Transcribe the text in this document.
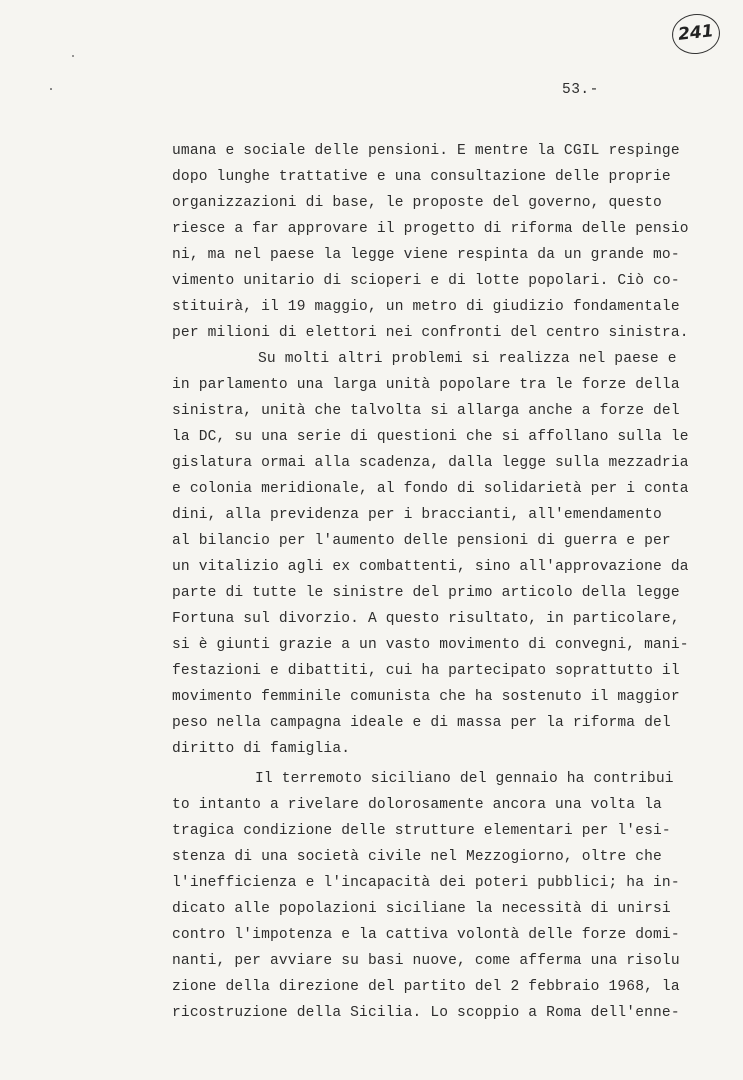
241
53.-
umana e sociale delle pensioni. E mentre la CGIL respinge
dopo lunghe trattative e una consultazione delle proprie
organizzazioni di base, le proposte del governo, questo
riesce a far approvare il progetto di riforma delle pensio
ni, ma nel paese la legge viene respinta da un grande mo-
vimento unitario di scioperi e di lotte popolari. Ciò co-
stituirà, il 19 maggio, un metro di giudizio fondamentale
per milioni di elettori nei confronti del centro sinistra.
Su molti altri problemi si realizza nel paese e
in parlamento una larga unità popolare tra le forze della
sinistra, unità che talvolta si allarga anche a forze del
la DC, su una serie di questioni che si affollano sulla le
gislatura ormai alla scadenza, dalla legge sulla mezzadria
e colonia meridionale, al fondo di solidarietà per i conta
dini, alla previdenza per i braccianti, all'emendamento
al bilancio per l'aumento delle pensioni di guerra e per
un vitalizio agli ex combattenti, sino all'approvazione da
parte di tutte le sinistre del primo articolo della legge
Fortuna sul divorzio. A questo risultato, in particolare,
si è giunti grazie a un vasto movimento di convegni, mani-
festazioni e dibattiti, cui ha partecipato soprattutto il
movimento femminile comunista che ha sostenuto il maggior
peso nella campagna ideale e di massa per la riforma del
diritto di famiglia.
Il terremoto siciliano del gennaio ha contribui
to intanto a rivelare dolorosamente ancora una volta la
tragica condizione delle strutture elementari per l'esi-
stenza di una società civile nel Mezzogiorno, oltre che
l'inefficienza e l'incapacità dei poteri pubblici; ha in-
dicato alle popolazioni siciliane la necessità di unirsi
contro l'impotenza e la cattiva volontà delle forze domi-
nanti, per avviare su basi nuove, come afferma una risolu
zione della direzione del partito del 2 febbraio 1968, la
ricostruzione della Sicilia. Lo scoppio a Roma dell'enne-
